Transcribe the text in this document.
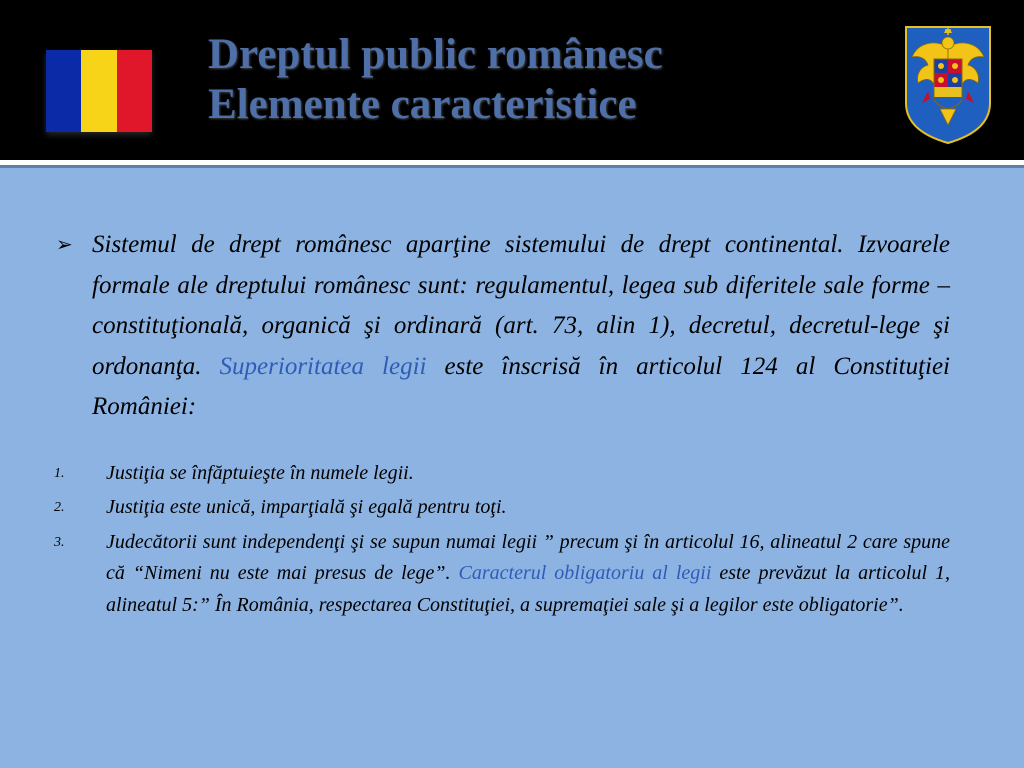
Dreptul public românesc
Elemente caracteristice
➢ Sistemul de drept românesc aparţine sistemului de drept continental. Izvoarele formale ale dreptului românesc sunt: regulamentul, legea sub diferitele sale forme – constituţională, organică şi ordinară (art. 73, alin 1), decretul, decretul-lege şi ordonanţa. Superioritatea legii este înscrisă în articolul 124 al Constituţiei României:
1. Justiţia se înfăptuieşte în numele legii.
2. Justiţia este unică, imparţială şi egală pentru toţi.
3. Judecătorii sunt independenţi şi se supun numai legii ” precum şi în articolul 16, alineatul 2 care spune că “Nimeni nu este mai presus de lege”. Caracterul obligatoriu al legii este prevăzut la articolul 1, alineatul 5:” În România, respectarea Constituţiei, a supremaţiei sale şi a legilor este obligatorie”.
